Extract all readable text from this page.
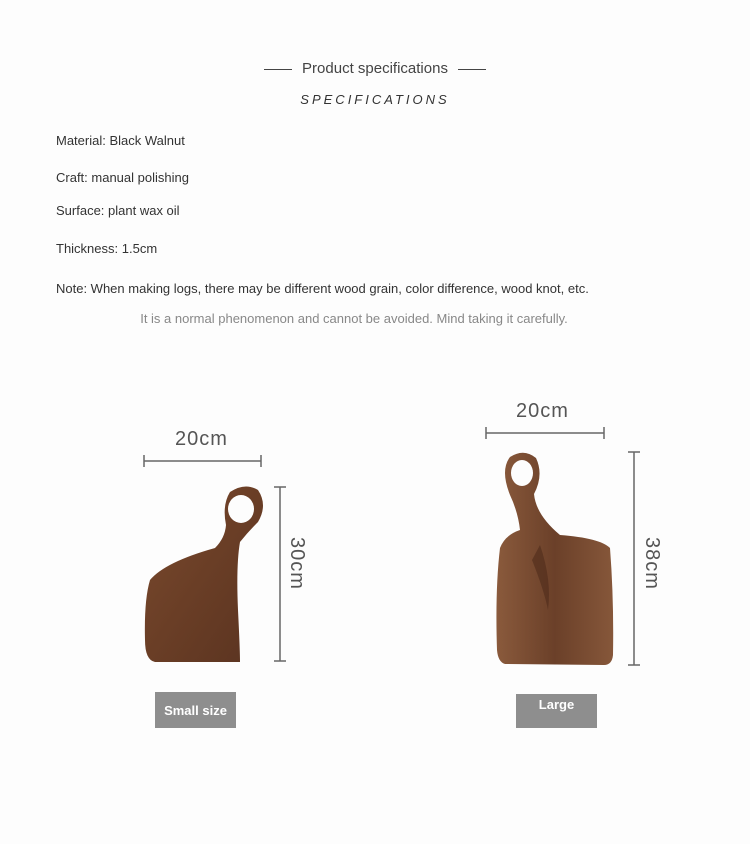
Product specifications
SPECIFICATIONS
Material: Black Walnut
Craft: manual polishing
Surface: plant wax oil
Thickness: 1.5cm
Note: When making logs, there may be different wood grain, color difference, wood knot, etc.
It is a normal phenomenon and cannot be avoided. Mind taking it carefully.
20cm
30cm
20cm
38cm
Small size	Large
